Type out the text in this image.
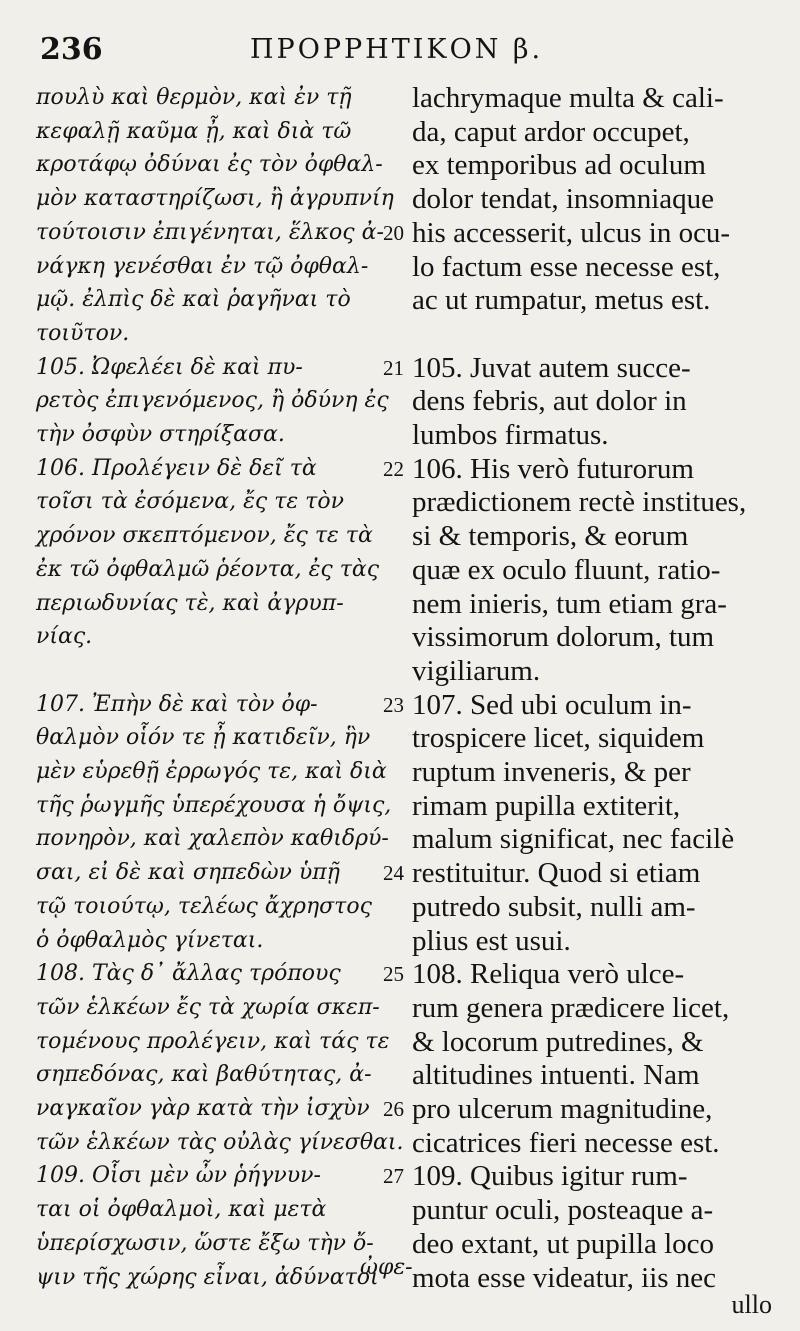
236	ΠΡΟΡΡΗΤΙΚΟΝ β.
πουλὺ καὶ θερμὸν, καὶ ἐν τῇ
κεφαλῇ καῦμα ᾖ, καὶ διὰ τῶ
κροτάφῳ ὀδύναι ἐς τὸν ὀφθαλ-
μὸν καταστηρίζωσι, ἢ ἀγρυπνίη
τούτοισιν ἐπιγένηται, ἕλκος ἀ-
νάγκη γενέσθαι ἐν τῷ ὀφθαλ-
μῷ. ἐλπὶς δὲ καὶ ῥαγῆναι τὸ
τοιῦτον.
105. Ὠφελέει δὲ καὶ πυ-
ρετὸς ἐπιγενόμενος, ἢ ὀδύνη ἐς
τὴν ὀσφὺν στηρίξασα.
106. Προλέγειν δὲ δεῖ τὰ
τοῖσι τὰ ἐσόμενα, ἔς τε τὸν
χρόνον σκεπτόμενον, ἔς τε τὰ
ἐκ τῶ ὀφθαλμῶ ῥέοντα, ἐς τὰς
περιωδυνίας τὲ, καὶ ἀγρυπ-
νίας.
107. Ἐπὴν δὲ καὶ τὸν ὀφ-
θαλμὸν οἷόν τε ᾖ κατιδεῖν, ἣν
μὲν εὑρεθῇ ἐρρωγός τε, καὶ διὰ
τῆς ῥωγμῆς ὑπερέχουσα ἡ ὄψις,
πονηρὸν, καὶ χαλεπὸν καθιδρύ-
σαι, εἰ δὲ καὶ σηπεδὼν ὑπῇ
τῷ τοιούτῳ, τελέως ἄχρηστος
ὁ ὀφθαλμὸς γίνεται.
108. Τὰς δ᾽ ἄλλας τρόπους
τῶν ἑλκέων ἔς τὰ χωρία σκεπ-
τομένους προλέγειν, καὶ τάς τε
σηπεδόνας, καὶ βαθύτητας, ἀ-
ναγκαῖον γὰρ κατὰ τὴν ἰσχὺν
τῶν ἑλκέων τὰς οὐλὰς γίνεσθαι.
109. Οἷσι μὲν ὦν ῥήγνυν-
ται οἱ ὀφθαλμοὶ, καὶ μετὰ
ὑπερίσχωσιν, ὥστε ἔξω τὴν ὄ-
ψιν τῆς χώρης εἶναι, ἀδύνατοι
lachrymaque multa & cali-
da, caput ardor occupet,
ex temporibus ad oculum
dolor tendat, insomniaque
his accesserit, ulcus in ocu-
lo factum esse necesse est,
ac ut rumpatur, metus est.
105. Juvat autem succe-
dens febris, aut dolor in
lumbos firmatus.
106. His verò futurorum
prædictionem rectè institues,
si & temporis, & eorum
quæ ex oculo fluunt, ratio-
nem inieris, tum etiam gra-
vissimorum dolorum, tum
vigiliarum.
107. Sed ubi oculum in-
trospicere licet, siquidem
ruptum inveneris, & per
rimam pupilla extiterit,
malum significat, nec facilè
restituitur. Quod si etiam
putredo subsit, nulli am-
plius est usui.
108. Reliqua verò ulce-
rum genera prædicere licet,
& locorum putredines, &
altitudines intuenti. Nam
pro ulcerum magnitudine,
cicatrices fieri necesse est.
109. Quibus igitur rum-
puntur oculi, posteaque a-
deo extant, ut pupilla loco
mota esse videatur, iis nec
20
21
22
23
24
25
26
27
ὠφε-
ullo
